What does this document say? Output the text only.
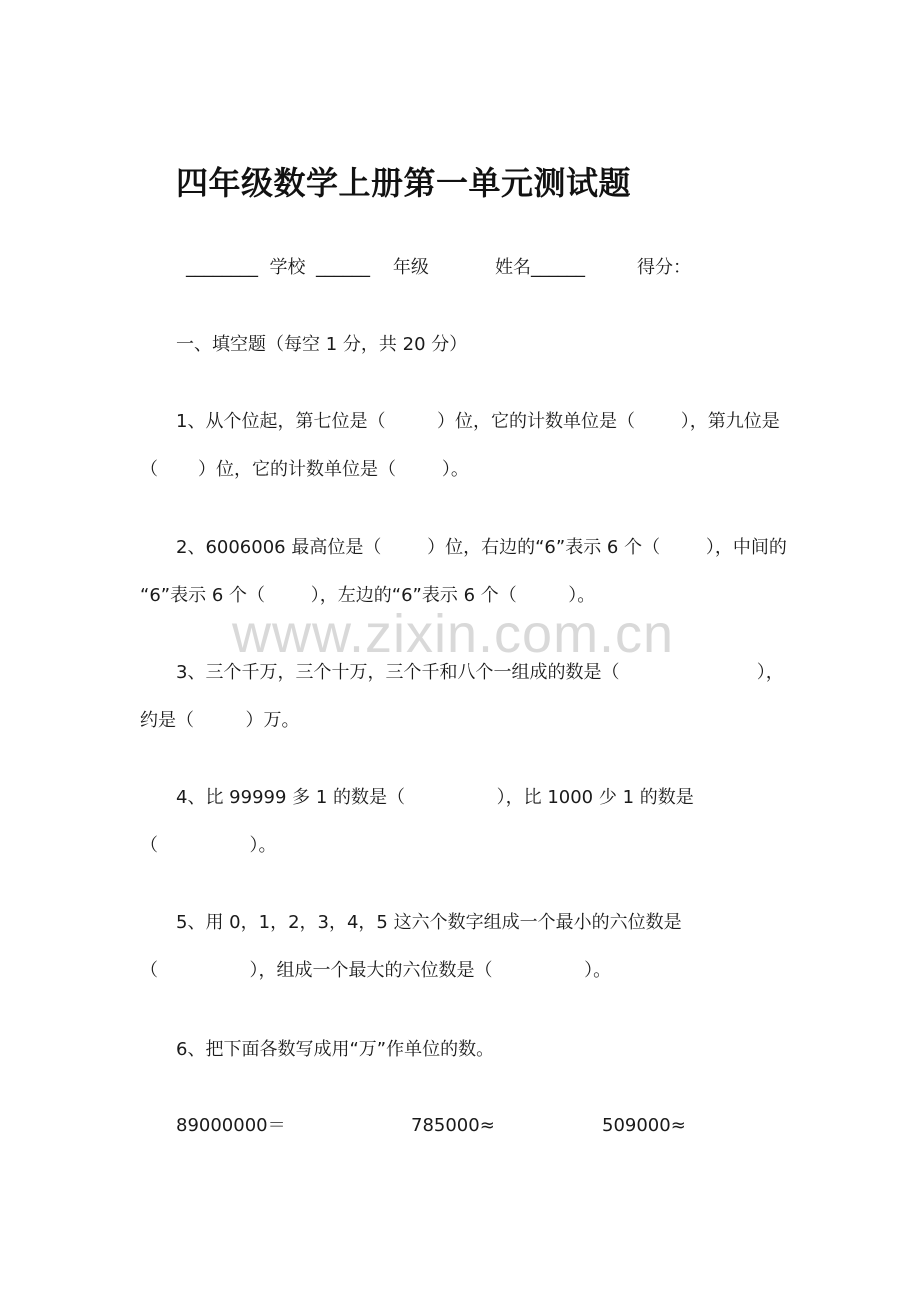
四年级数学上册第一单元测试题
________  学校 ______    年级	姓名______	得分：
一、填空题（每空 1 分，共 20 分）
1、从个位起，第七位是（         ）位，它的计数单位是（        ），第九位是
（       ）位，它的计数单位是（        ）。
2、6006006 最高位是（        ）位，右边的“6”表示 6 个（        ），中间的
“6”表示 6 个（        ），左边的“6”表示 6 个（         ）。
www.zixin.com.cn
3、三个千万，三个十万，三个千和八个一组成的数是（                        ），
约是（         ）万。
4、比 99999 多 1 的数是（                ），比 1000 少 1 的数是
（                ）。
5、用 0，1，2，3，4，5 这六个数字组成一个最小的六位数是
（                ），组成一个最大的六位数是（                ）。
6、把下面各数写成用“万”作单位的数。
89000000＝	785000≈	509000≈
